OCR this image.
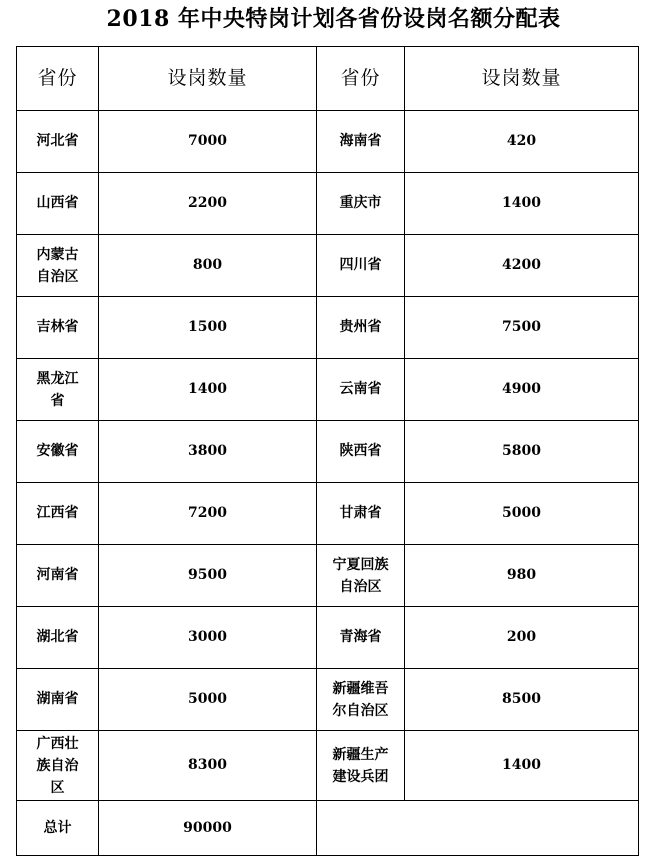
2018 年中央特岗计划各省份设岗名额分配表
省份	设岗数量	省份	设岗数量
河北省	7000	海南省	420
山西省	2200	重庆市	1400
内蒙古自治区	800	四川省	4200
吉林省	1500	贵州省	7500
黑龙江省	1400	云南省	4900
安徽省	3800	陕西省	5800
江西省	7200	甘肃省	5000
河南省	9500	宁夏回族自治区	980
湖北省	3000	青海省	200
湖南省	5000	新疆维吾尔自治区	8500
广西壮族自治区	8300	新疆生产建设兵团	1400
总计	90000		
